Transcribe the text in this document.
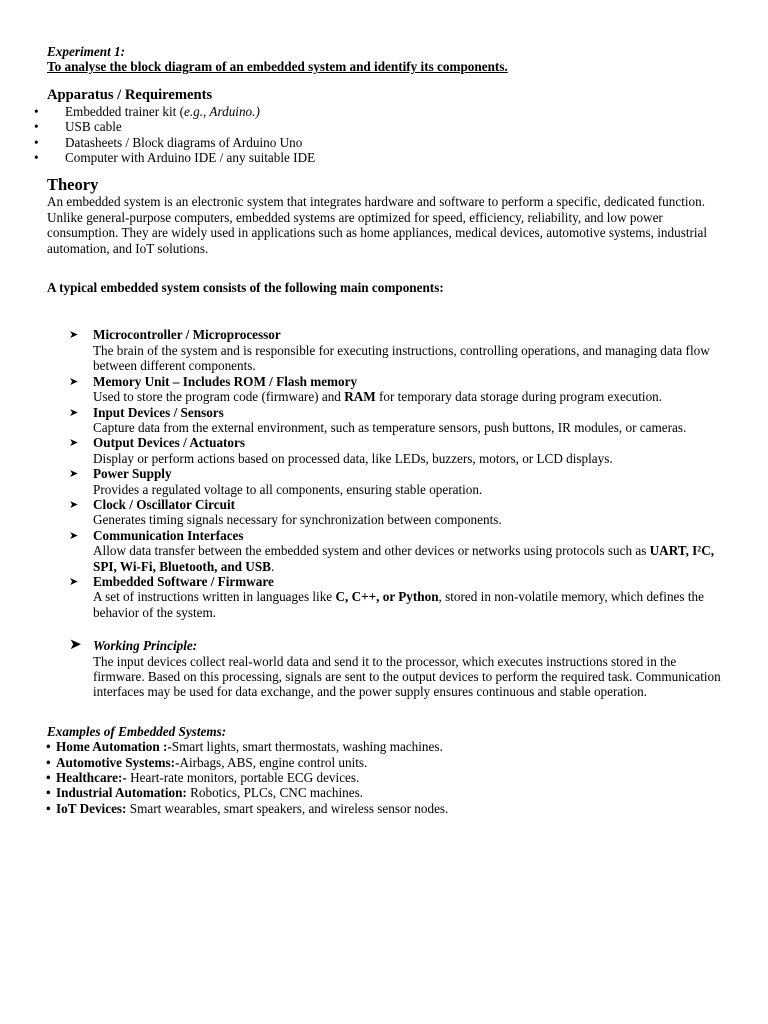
Experiment 1:

To analyse the block diagram of an embedded system and identify its components.

Apparatus / Requirements

• Embedded trainer kit (e.g., Arduino.)
• USB cable
• Datasheets / Block diagrams of Arduino Uno
• Computer with Arduino IDE / any suitable IDE

Theory

An embedded system is an electronic system that integrates hardware and software to perform a specific, dedicated function. Unlike general-purpose computers, embedded systems are optimized for speed, efficiency, reliability, and low power consumption. They are widely used in applications such as home appliances, medical devices, automotive systems, industrial automation, and IoT solutions.

A typical embedded system consists of the following main components:

➤ Microcontroller / Microprocessor
The brain of the system and is responsible for executing instructions, controlling operations, and managing data flow between different components.
➤ Memory Unit – Includes ROM / Flash memory
Used to store the program code (firmware) and RAM for temporary data storage during program execution.
➤ Input Devices / Sensors
Capture data from the external environment, such as temperature sensors, push buttons, IR modules, or cameras.
➤ Output Devices / Actuators
Display or perform actions based on processed data, like LEDs, buzzers, motors, or LCD displays.
➤ Power Supply
Provides a regulated voltage to all components, ensuring stable operation.
➤ Clock / Oscillator Circuit
Generates timing signals necessary for synchronization between components.
➤ Communication Interfaces
Allow data transfer between the embedded system and other devices or networks using protocols such as UART, I²C, SPI, Wi-Fi, Bluetooth, and USB.
➤ Embedded Software / Firmware
A set of instructions written in languages like C, C++, or Python, stored in non-volatile memory, which defines the behavior of the system.
➤ Working Principle:
The input devices collect real-world data and send it to the processor, which executes instructions stored in the firmware. Based on this processing, signals are sent to the output devices to perform the required task. Communication interfaces may be used for data exchange, and the power supply ensures continuous and stable operation.

Examples of Embedded Systems:

• Home Automation :-Smart lights, smart thermostats, washing machines.
• Automotive Systems:-Airbags, ABS, engine control units.
• Healthcare:- Heart-rate monitors, portable ECG devices.
• Industrial Automation: Robotics, PLCs, CNC machines.
• IoT Devices: Smart wearables, smart speakers, and wireless sensor nodes.
